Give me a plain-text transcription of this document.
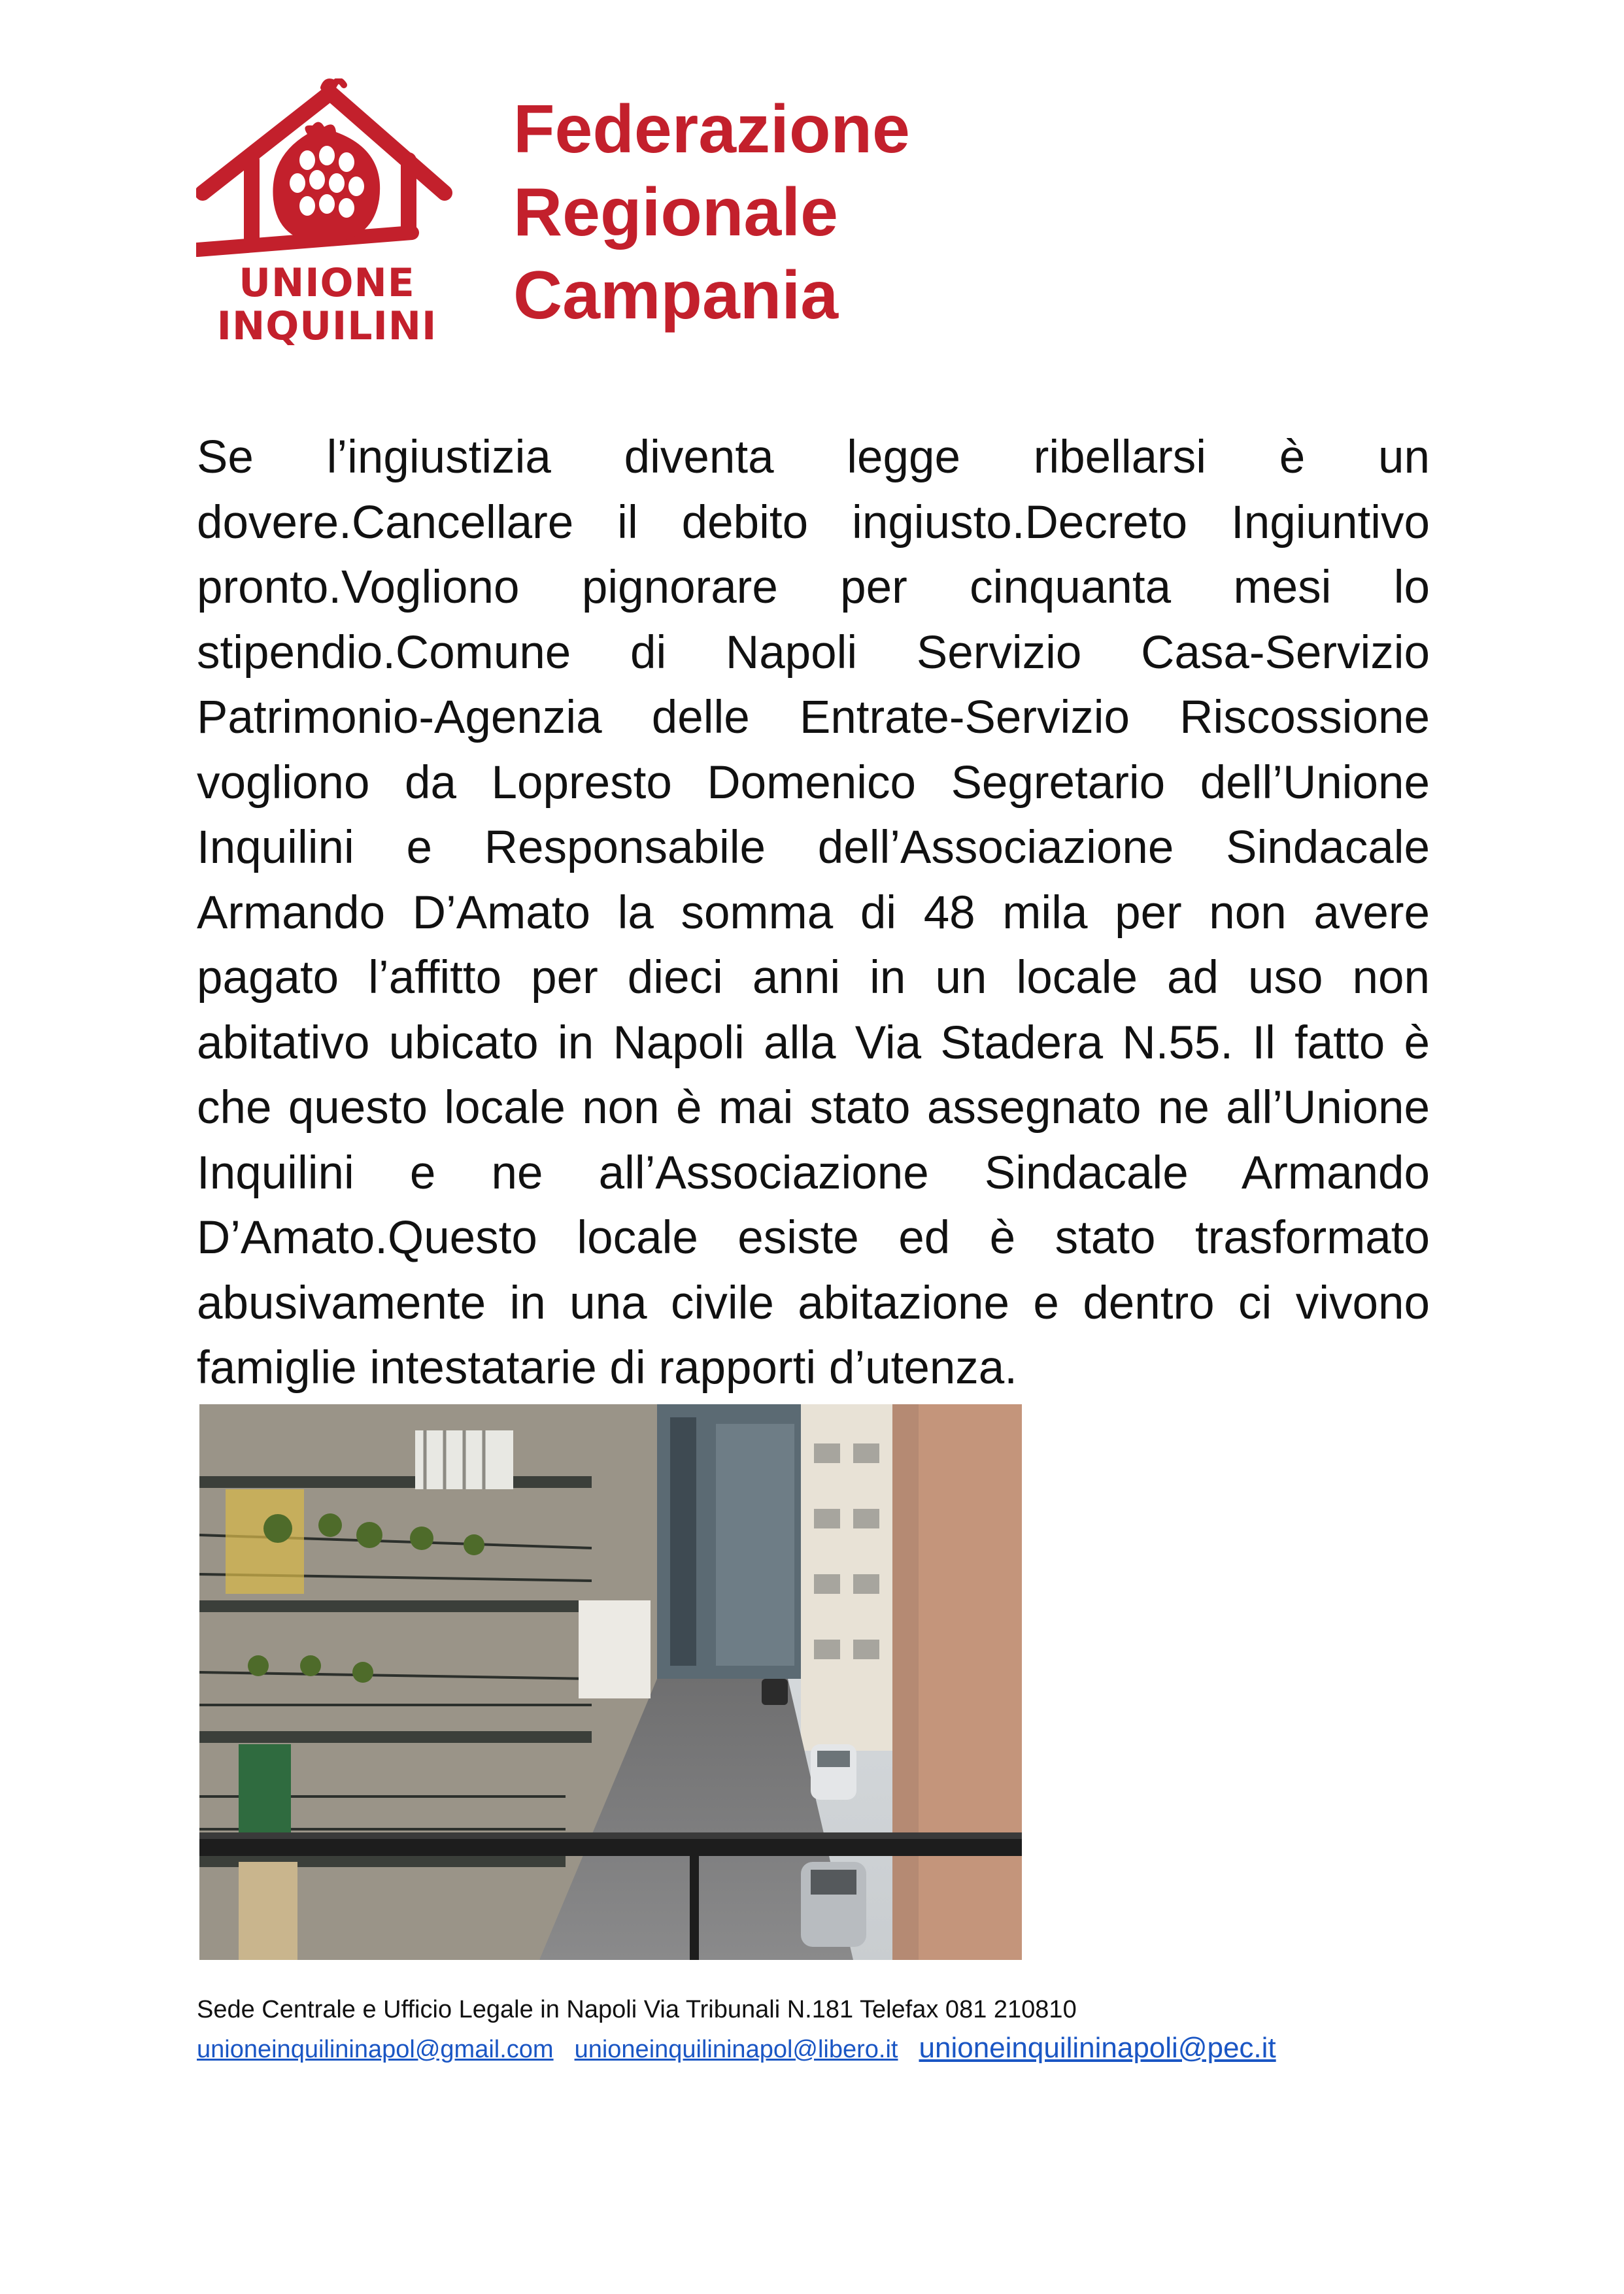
UNIONE
INQUILINI
Federazione
Regionale
Campania

Se l’ingiustizia diventa legge ribellarsi è un dovere.Cancellare il debito ingiusto.Decreto Ingiuntivo pronto.Vogliono pignorare per cinquanta mesi lo stipendio.Comune di Napoli Servizio Casa-Servizio Patrimonio-Agenzia delle Entrate-Servizio Riscossione vogliono da Lopresto Domenico Segretario dell’Unione Inquilini e Responsabile dell’Associazione Sindacale Armando D’Amato la somma di 48 mila per non avere pagato l’affitto per dieci anni in un locale ad uso non abitativo ubicato in Napoli alla Via Stadera N.55. Il fatto è che questo locale non è mai stato assegnato ne all’Unione Inquilini e ne all’Associazione Sindacale Armando D’Amato.Questo locale esiste ed è stato trasformato abusivamente in una civile abitazione e dentro ci vivono famiglie intestatarie di rapporti d’utenza.

Sede Centrale e Ufficio Legale in Napoli Via Tribunali N.181 Telefax 081 210810
unioneinquilininapol@gmail.com unioneinquilininapol@libero.it unioneinquilininapoli@pec.it
